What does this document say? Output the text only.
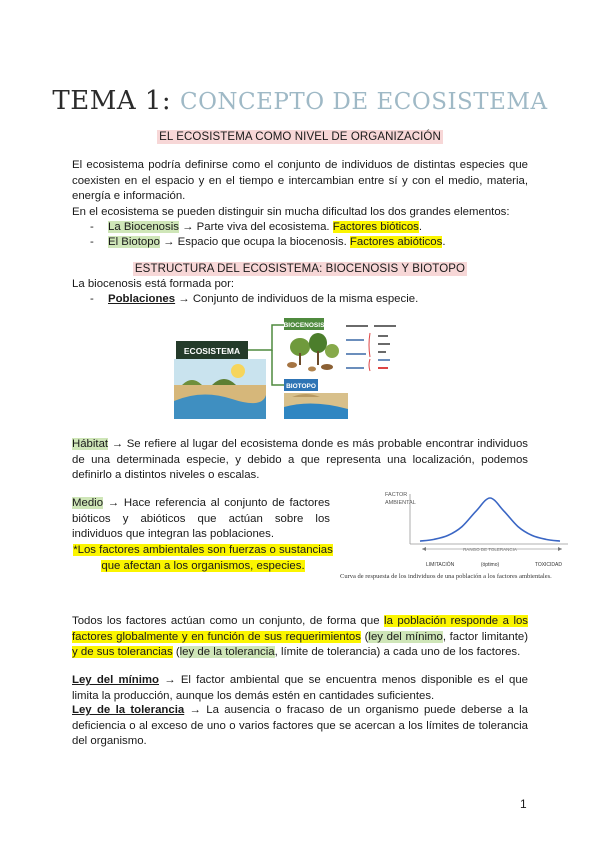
TEMA 1: CONCEPTO DE ECOSISTEMA
EL ECOSISTEMA COMO NIVEL DE ORGANIZACIÓN
El ecosistema podría definirse como el conjunto de individuos de distintas especies que coexisten en el espacio y en el tiempo e intercambian entre sí y con el medio, materia, energía e información.
En el ecosistema se pueden distinguir sin mucha dificultad los dos grandes elementos:
- La Biocenosis → Parte viva del ecosistema. Factores bióticos.
- El Biotopo → Espacio que ocupa la biocenosis. Factores abióticos.
ESTRUCTURA DEL ECOSISTEMA: BIOCENOSIS Y BIOTOPO
La biocenosis está formada por:
- Poblaciones → Conjunto de individuos de la misma especie.
ECOSISTEMA
BIOCENOSIS
BIOTOPO
Hábitat → Se refiere al lugar del ecosistema donde es más probable encontrar individuos de una determinada especie, y debido a que representa una localización, podemos definirlo a distintos niveles o escalas.
Medio → Hace referencia al conjunto de factores bióticos y abióticos que actúan sobre los individuos que integran las poblaciones.
*Los factores ambientales son fuerzas o sustancias que afectan a los organismos, especies.
FACTOR
AMBIENTAL
RANGO DE TOLERANCIA
LIMITACIÓN	(óptimo)	TOXICIDAD
Curva de respuesta de los individuos de una población a los factores ambientales.
Todos los factores actúan como un conjunto, de forma que la población responde a los factores globalmente y en función de sus requerimientos (ley del mínimo, factor limitante) y de sus tolerancias (ley de la tolerancia, límite de tolerancia) a cada uno de los factores.
Ley del mínimo → El factor ambiental que se encuentra menos disponible es el que limita la producción, aunque los demás estén en cantidades suficientes.
Ley de la tolerancia → La ausencia o fracaso de un organismo puede deberse a la deficiencia o al exceso de uno o varios factores que se acercan a los límites de tolerancia del organismo.
1
